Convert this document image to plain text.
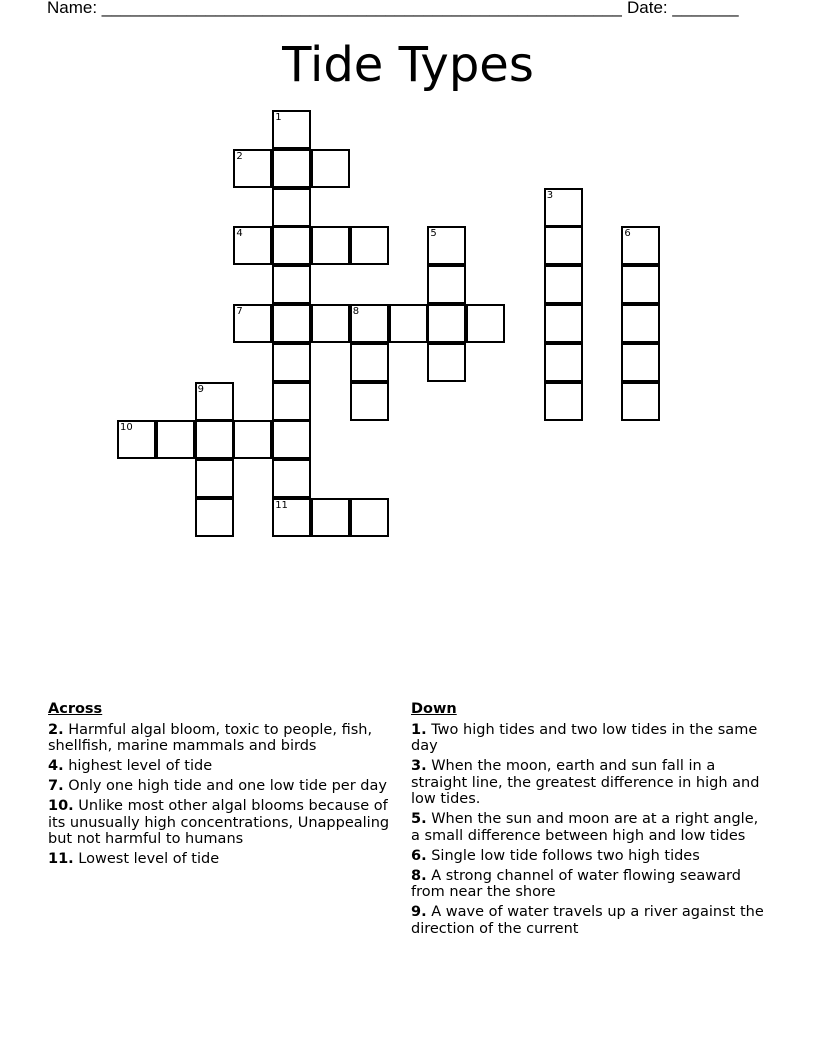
Name: _______________________________________________________ Date: _______
Tide Types
1
2
3
4	5	6
7	8
9
10
11
Across
2. Harmful algal bloom, toxic to people, fish, shellfish, marine mammals and birds
4. highest level of tide
7. Only one high tide and one low tide per day
10. Unlike most other algal blooms because of its unusually high concentrations, Unappealing but not harmful to humans
11. Lowest level of tide
Down
1. Two high tides and two low tides in the same day
3. When the moon, earth and sun fall in a straight line, the greatest difference in high and low tides.
5. When the sun and moon are at a right angle, a small difference between high and low tides
6. Single low tide follows two high tides
8. A strong channel of water flowing seaward from near the shore
9. A wave of water travels up a river against the direction of the current
